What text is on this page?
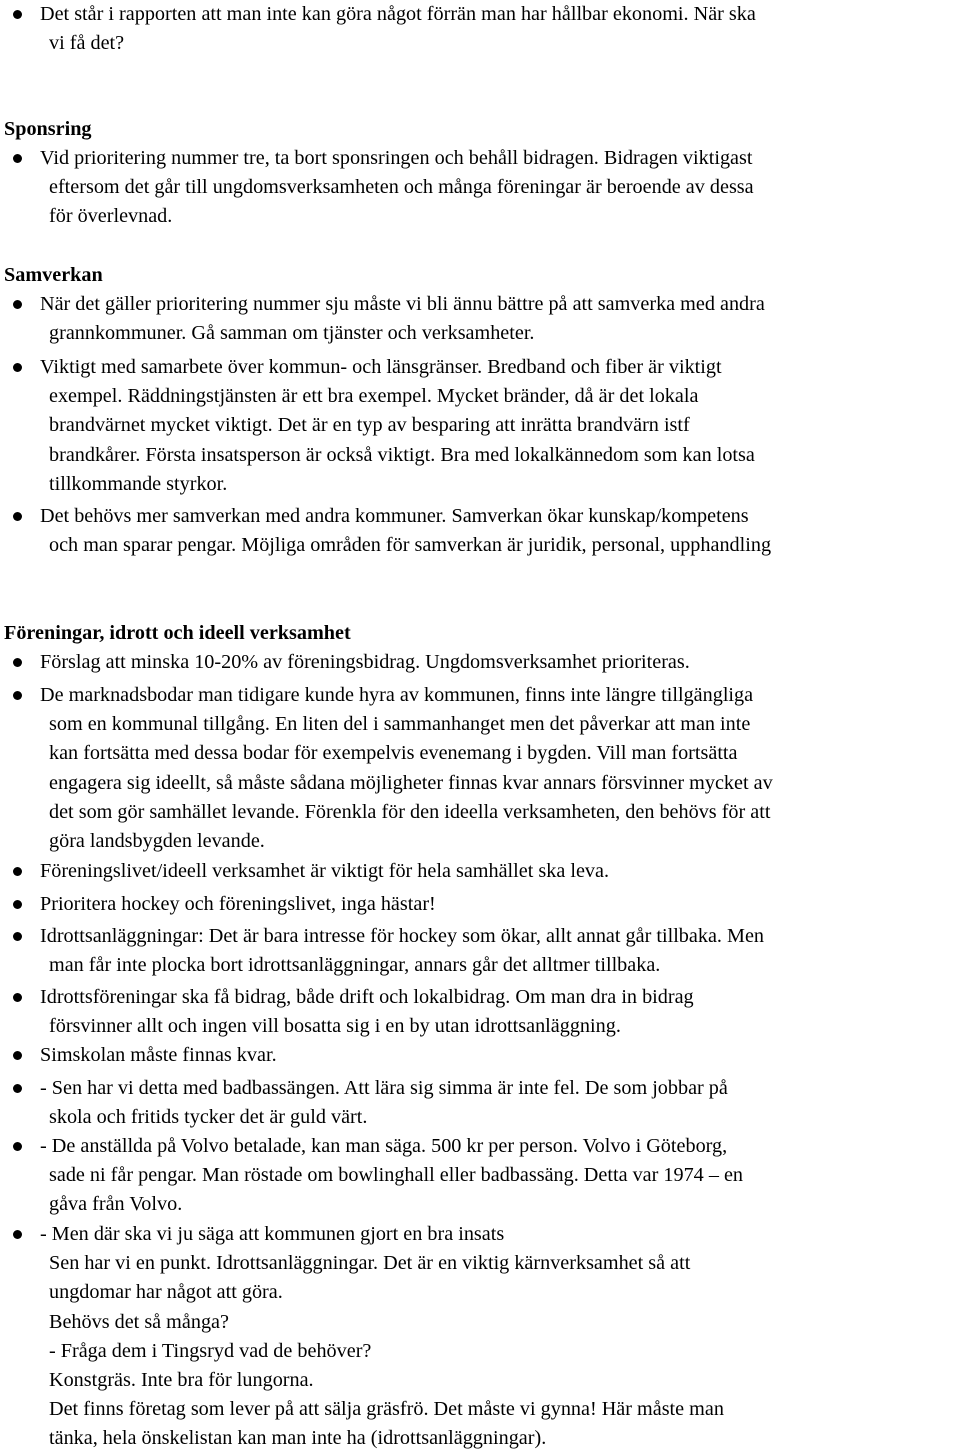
Det står i rapporten att man inte kan göra något förrän man har hållbar ekonomi. När ska
vi få det?
Sponsring
Vid prioritering nummer tre, ta bort sponsringen och behåll bidragen. Bidragen viktigast
eftersom det går till ungdomsverksamheten och många föreningar är beroende av dessa
för överlevnad.
Samverkan
När det gäller prioritering nummer sju måste vi bli ännu bättre på att samverka med andra
grannkommuner. Gå samman om tjänster och verksamheter.
Viktigt med samarbete över kommun- och länsgränser. Bredband och fiber är viktigt
exempel. Räddningstjänsten är ett bra exempel. Mycket bränder, då är det lokala
brandvärnet mycket viktigt. Det är en typ av besparing att inrätta brandvärn istf
brandkårer. Första insatsperson är också viktigt. Bra med lokalkännedom som kan lotsa
tillkommande styrkor.
Det behövs mer samverkan med andra kommuner. Samverkan ökar kunskap/kompetens
och man sparar pengar. Möjliga områden för samverkan är juridik, personal, upphandling
Föreningar, idrott och ideell verksamhet
Förslag att minska 10-20% av föreningsbidrag. Ungdomsverksamhet prioriteras.
De marknadsbodar man tidigare kunde hyra av kommunen, finns inte längre tillgängliga
som en kommunal tillgång. En liten del i sammanhanget men det påverkar att man inte
kan fortsätta med dessa bodar för exempelvis evenemang i bygden. Vill man fortsätta
engagera sig ideellt, så måste sådana möjligheter finnas kvar annars försvinner mycket av
det som gör samhället levande. Förenkla för den ideella verksamheten, den behövs för att
göra landsbygden levande.
Föreningslivet/ideell verksamhet är viktigt för hela samhället ska leva.
Prioritera hockey och föreningslivet, inga hästar!
Idrottsanläggningar: Det är bara intresse för hockey som ökar, allt annat går tillbaka. Men
man får inte plocka bort idrottsanläggningar, annars går det alltmer tillbaka.
Idrottsföreningar ska få bidrag, både drift och lokalbidrag. Om man dra in bidrag
försvinner allt och ingen vill bosatta sig i en by utan idrottsanläggning.
Simskolan måste finnas kvar.
- Sen har vi detta med badbassängen. Att lära sig simma är inte fel. De som jobbar på
skola och fritids tycker det är guld värt.
- De anställda på Volvo betalade, kan man säga. 500 kr per person. Volvo i Göteborg,
sade ni får pengar. Man röstade om bowlinghall eller badbassäng. Detta var 1974 – en
gåva från Volvo.
- Men där ska vi ju säga att kommunen gjort en bra insats
Sen har vi en punkt. Idrottsanläggningar. Det är en viktig kärnverksamhet så att
ungdomar har något att göra.
Behövs det så många?
- Fråga dem i Tingsryd vad de behöver?
Konstgräs. Inte bra för lungorna.
Det finns företag som lever på att sälja gräsfrö. Det måste vi gynna! Här måste man
tänka, hela önskelistan kan man inte ha (idrottsanläggningar).
